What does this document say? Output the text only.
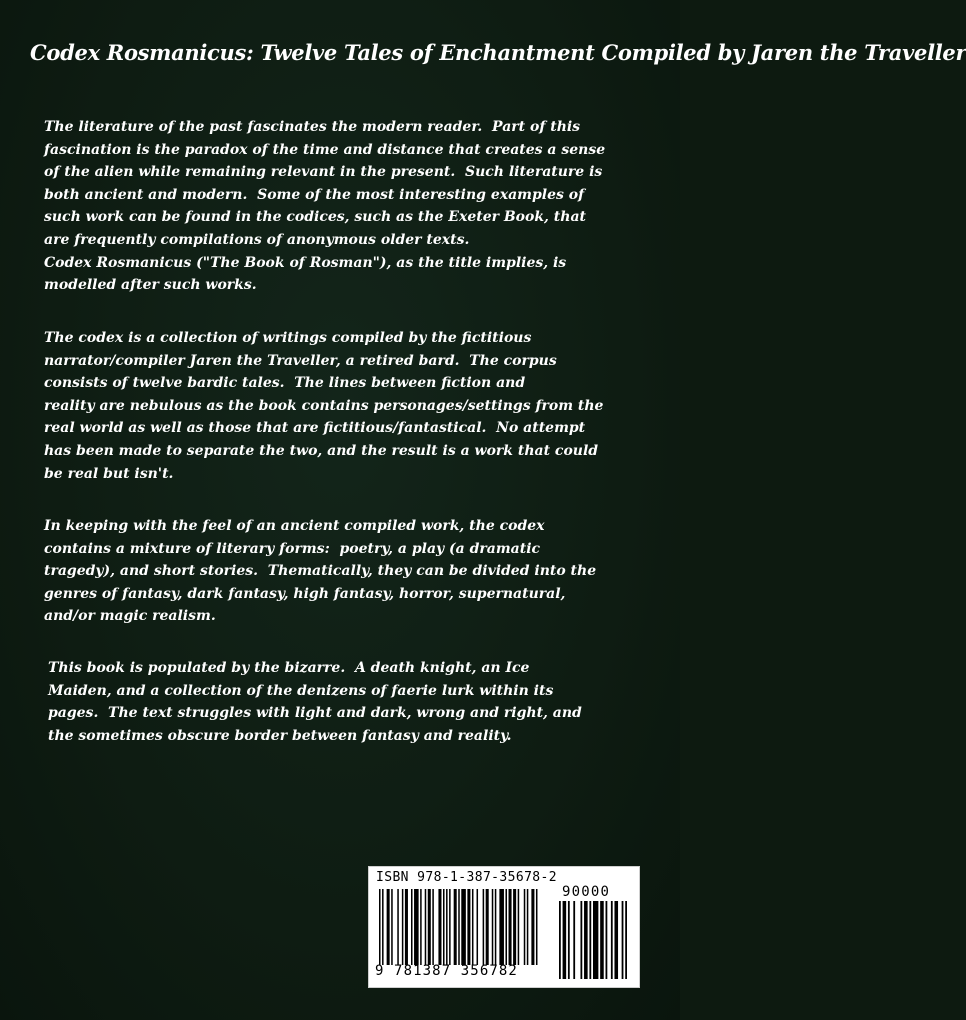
Codex Rosmanicus: Twelve Tales of Enchantment Compiled by Jaren the Traveller

The literature of the past fascinates the modern reader.  Part of this
fascination is the paradox of the time and distance that creates a sense
of the alien while remaining relevant in the present.  Such literature is
both ancient and modern.  Some of the most interesting examples of
such work can be found in the codices, such as the Exeter Book, that
are frequently compilations of anonymous older texts.
Codex Rosmanicus ("The Book of Rosman"), as the title implies, is
modelled after such works.

The codex is a collection of writings compiled by the fictitious
narrator/compiler Jaren the Traveller, a retired bard.  The corpus
consists of twelve bardic tales.  The lines between fiction and
reality are nebulous as the book contains personages/settings from the
real world as well as those that are fictitious/fantastical.  No attempt
has been made to separate the two, and the result is a work that could
be real but isn't.

In keeping with the feel of an ancient compiled work, the codex
contains a mixture of literary forms:  poetry, a play (a dramatic
tragedy), and short stories.  Thematically, they can be divided into the
genres of fantasy, dark fantasy, high fantasy, horror, supernatural,
and/or magic realism.

This book is populated by the bizarre.  A death knight, an Ice
Maiden, and a collection of the denizens of faerie lurk within its
pages.  The text struggles with light and dark, wrong and right, and
the sometimes obscure border between fantasy and reality.

ISBN 978-1-387-35678-2
90000
9 781387 356782
